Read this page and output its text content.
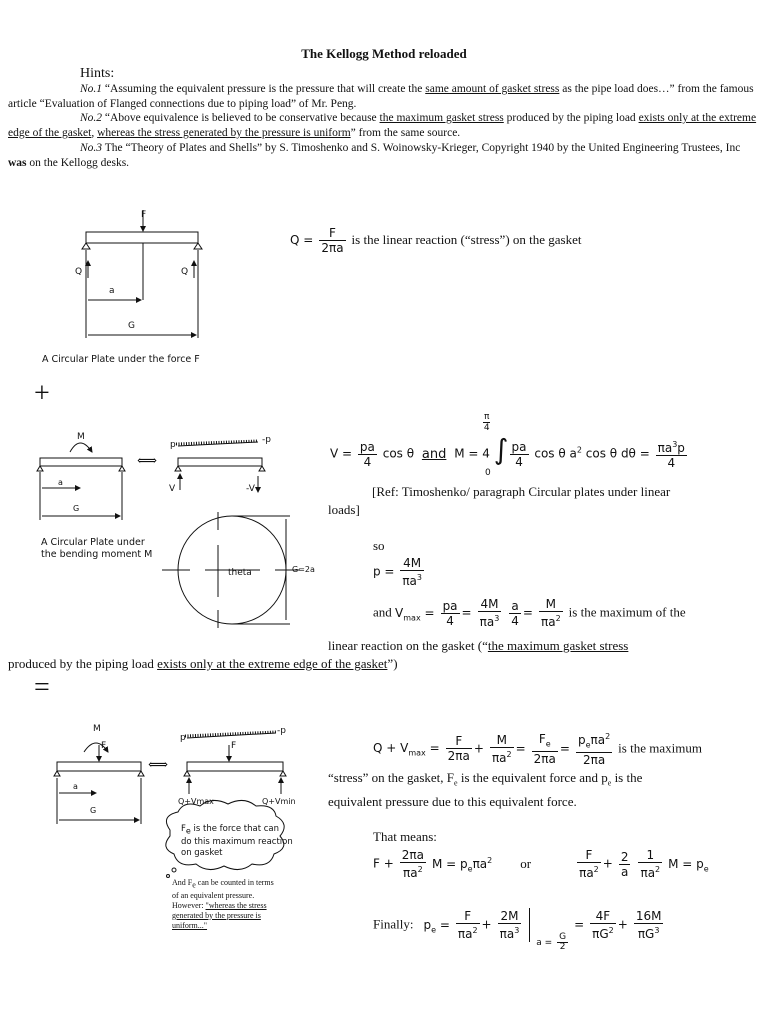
The Kellogg Method reloaded
Hints:
No.1 “Assuming the equivalent pressure is the pressure that will create the same amount of gasket stress as the pipe load does…” from the famous article “Evaluation of Flanged connections due to piping load” of Mr. Peng.
No.2 “Above equivalence is believed to be conservative because the maximum gasket stress produced by the piping load exists only at the extreme edge of the gasket, whereas the stress generated by the pressure is uniform” from the same source.
No.3 The “Theory of Plates and Shells” by S. Timoshenko and S. Woinowsky-Krieger, Copyright 1940 by the United Engineering Trustees, Inc was on the Kellogg desks.
F
Q	Q
a
G
A Circular Plate under the force F
$Q = \frac{F}{2\pi a}$ is the linear reaction (“stress”) on the gasket
+
M
⟺
p	-p
V	-V
a
G
theta	G=2a
A Circular Plate under
the bending moment M
$V = \frac{pa}{4}$ cos θ and M = 4 ∫
$\frac{pa}{4}$ cos θ $a^2$ cos θ $d\theta = \frac{\pi a^3p}{4}$
π
4
0
[Ref: Timoshenko/ paragraph Circular plates under linear
loads]
so
$p = \frac{4M}{\pi a^3}$
and $V_{max} = \frac{pa}{4} = \frac{4M}{\pi a^3}$
$\frac{a}{4} = \frac{M}{\pi a^2}$ is the maximum of the
linear reaction on the gasket (“the maximum gasket stress
produced by the piping load exists only at the extreme edge of the gasket”)
=
M
F	F
⟺
p
-p
a
G
Q+Vmax	Q+Vmin
$F_e$ is the force that can
do this maximum reaction
on gasket
And $F_e$ can be counted in terms
of an equivalent pressure.
However: "whereas the stress
generated by the pressure is
uniform..."
$Q + V_{max} = \frac{F}{2\pi a} + \frac{M}{\pi a^2} = \frac{F_e}{2\pi a} = \frac{p_e\pi a^2}{2\pi a}$ is the maximum
“stress” on the gasket, $F_e$ is the equivalent force and $p_e$ is the
equivalent pressure due to this equivalent force.
That means:
$F + \frac{2\pi a}{\pi a^2}$ $M = p_e\pi a^2$ or	$\frac{F}{\pi a^2} + \frac{2}{a}$
$\frac{1}{\pi a^2}$ $M = p_e$
Finally: $p_e = \frac{F}{\pi a^2} + \frac{2M}{\pi a^3}$
$a = \frac{G}{2}$
= $\frac{4F}{\pi G^2} + \frac{16M}{\pi G^3}$
